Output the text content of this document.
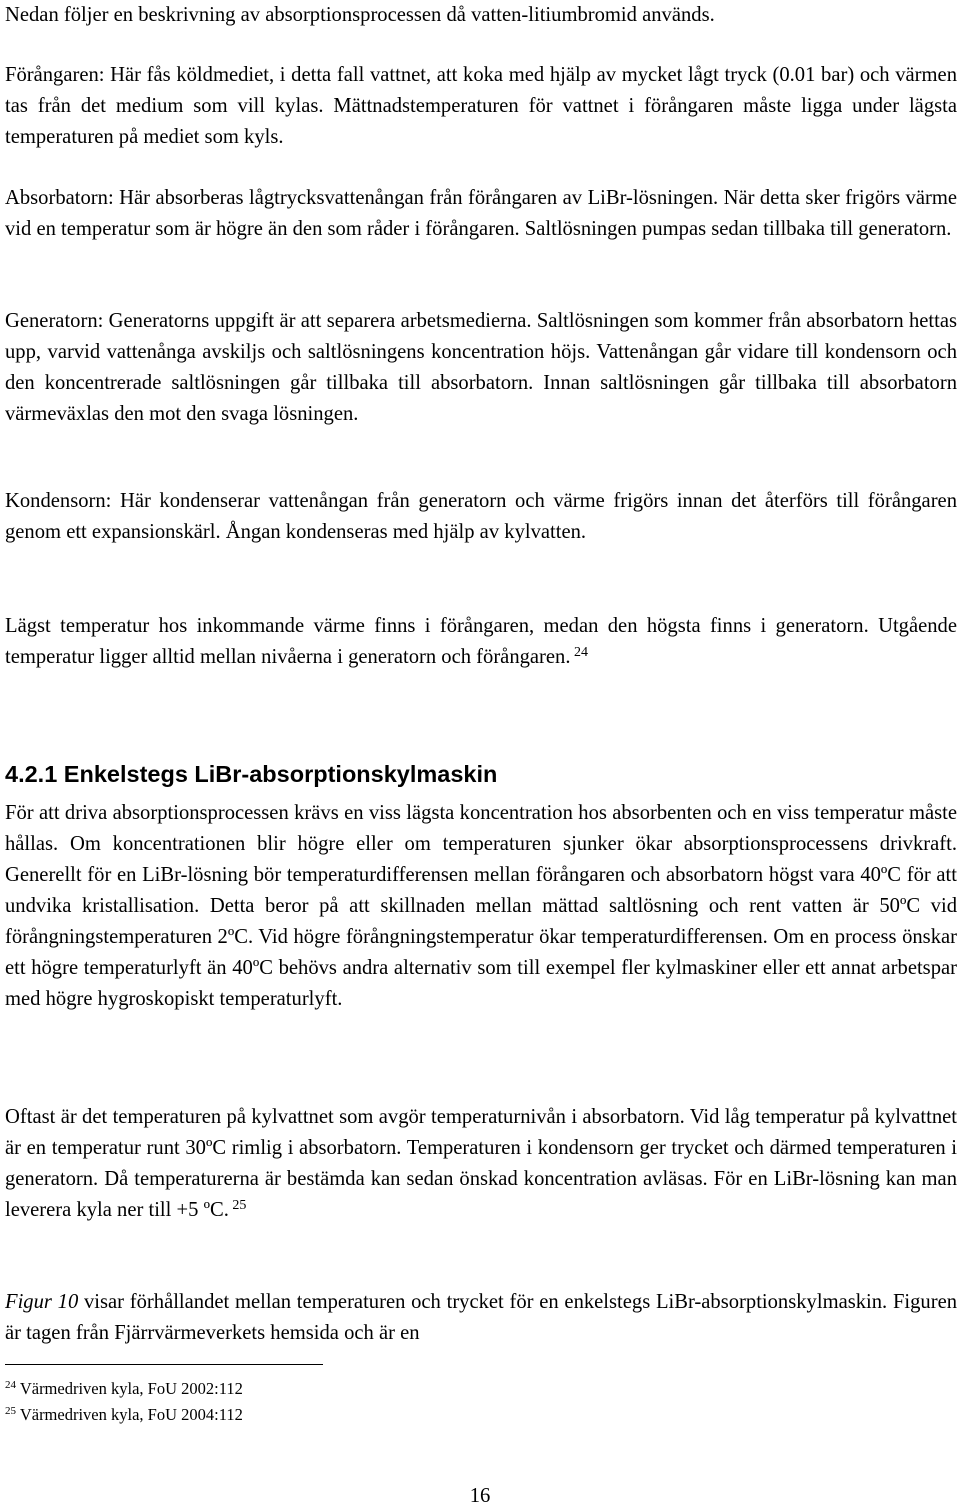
Nedan följer en beskrivning av absorptionsprocessen då vatten-litiumbromid används.

Förångaren: Här fås köldmediet, i detta fall vattnet, att koka med hjälp av mycket lågt tryck (0.01 bar) och värmen tas från det medium som vill kylas. Mättnadstemperaturen för vattnet i förångaren måste ligga under lägsta temperaturen på mediet som kyls.

Absorbatorn: Här absorberas lågtrycksvattenångan från förångaren av LiBr-lösningen. När detta sker frigörs värme vid en temperatur som är högre än den som råder i förångaren. Saltlösningen pumpas sedan tillbaka till generatorn.

Generatorn: Generatorns uppgift är att separera arbetsmedierna. Saltlösningen som kommer från absorbatorn hettas upp, varvid vattenånga avskiljs och saltlösningens koncentration höjs. Vattenångan går vidare till kondensorn och den koncentrerade saltlösningen går tillbaka till absorbatorn. Innan saltlösningen går tillbaka till absorbatorn värmeväxlas den mot den svaga lösningen.

Kondensorn: Här kondenserar vattenångan från generatorn och värme frigörs innan det återförs till förångaren genom ett expansionskärl. Ångan kondenseras med hjälp av kylvatten.

Lägst temperatur hos inkommande värme finns i förångaren, medan den högsta finns i generatorn. Utgående temperatur ligger alltid mellan nivåerna i generatorn och förångaren. $^{24}$

4.2.1 Enkelstegs LiBr-absorptionskylmaskin

För att driva absorptionsprocessen krävs en viss lägsta koncentration hos absorbenten och en viss temperatur måste hållas. Om koncentrationen blir högre eller om temperaturen sjunker ökar absorptionsprocessens drivkraft. Generellt för en LiBr-lösning bör temperaturdifferensen mellan förångaren och absorbatorn högst vara 40ºC för att undvika kristallisation. Detta beror på att skillnaden mellan mättad saltlösning och rent vatten är 50ºC vid förångningstemperaturen 2ºC. Vid högre förångningstemperatur ökar temperaturdifferensen. Om en process önskar ett högre temperaturlyft än 40ºC behövs andra alternativ som till exempel fler kylmaskiner eller ett annat arbetspar med högre hygroskopiskt temperaturlyft.

Oftast är det temperaturen på kylvattnet som avgör temperaturnivån i absorbatorn. Vid låg temperatur på kylvattnet är en temperatur runt 30ºC rimlig i absorbatorn. Temperaturen i kondensorn ger trycket och därmed temperaturen i generatorn. Då temperaturerna är bestämda kan sedan önskad koncentration avläsas. För en LiBr-lösning kan man leverera kyla ner till +5 ºC. $^{25}$

Figur 10 visar förhållandet mellan temperaturen och trycket för en enkelstegs LiBr-absorptionskylmaskin. Figuren är tagen från Fjärrvärmeverkets hemsida och är en

$^{24}$ Värmedriven kyla, FoU 2002:112
$^{25}$ Värmedriven kyla, FoU 2004:112
16
